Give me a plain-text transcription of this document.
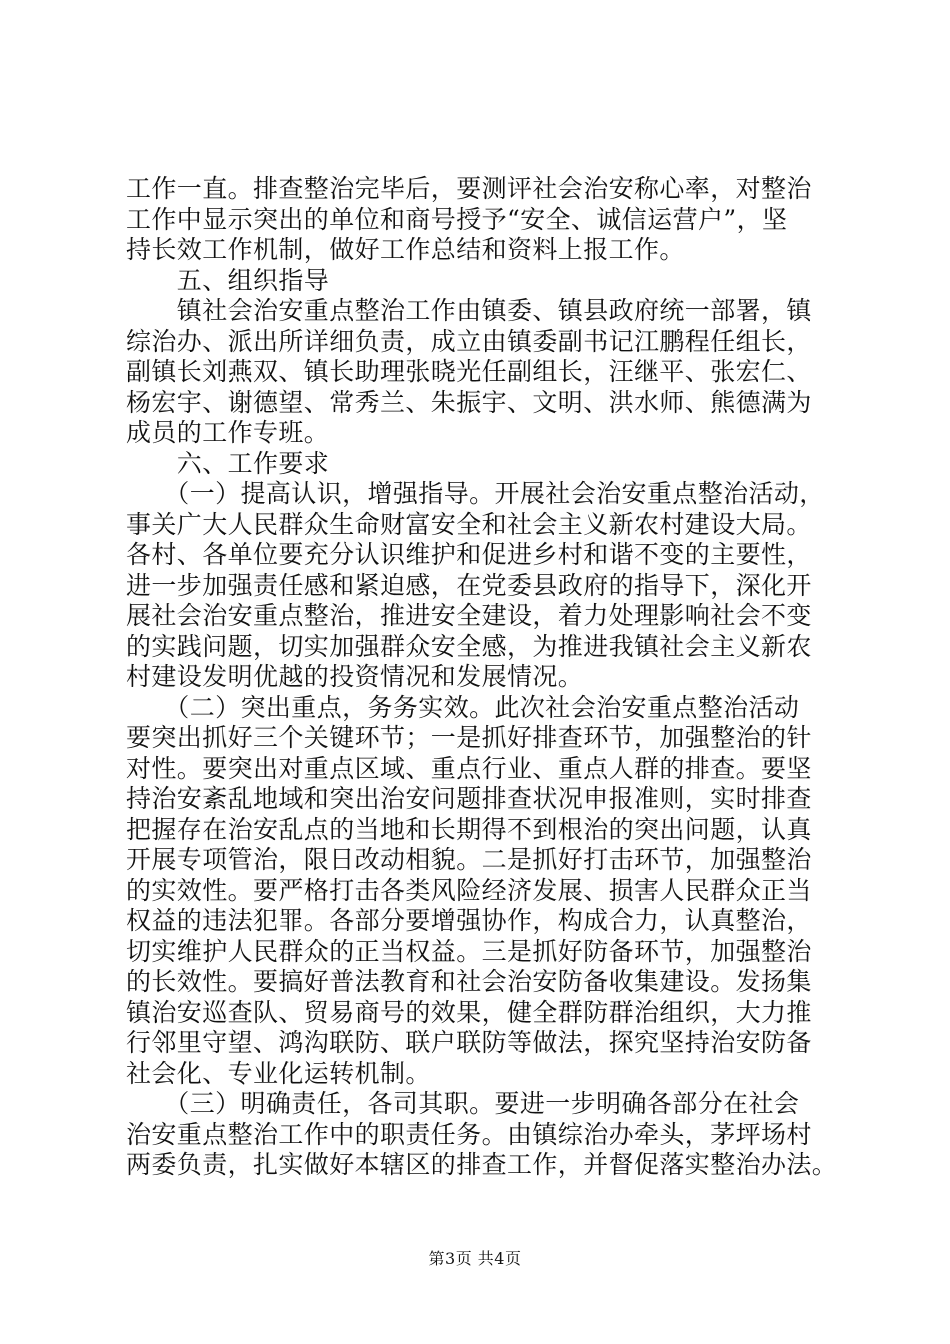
工作一直。排查整治完毕后，要测评社会治安称心率，对整治
工作中显示突出的单位和商号授予“安全、诚信运营户”，坚
持长效工作机制，做好工作总结和资料上报工作。
　　五、组织指导
　　镇社会治安重点整治工作由镇委、镇县政府统一部署，镇
综治办、派出所详细负责，成立由镇委副书记江鹏程任组长，
副镇长刘燕双、镇长助理张晓光任副组长，汪继平、张宏仁、
杨宏宇、谢德望、常秀兰、朱振宇、文明、洪水师、熊德满为
成员的工作专班。
　　六、工作要求
　　（一）提高认识，增强指导。开展社会治安重点整治活动，
事关广大人民群众生命财富安全和社会主义新农村建设大局。
各村、各单位要充分认识维护和促进乡村和谐不变的主要性，
进一步加强责任感和紧迫感，在党委县政府的指导下，深化开
展社会治安重点整治，推进安全建设，着力处理影响社会不变
的实践问题，切实加强群众安全感，为推进我镇社会主义新农
村建设发明优越的投资情况和发展情况。
　　（二）突出重点，务务实效。此次社会治安重点整治活动
要突出抓好三个关键环节；一是抓好排查环节，加强整治的针
对性。要突出对重点区域、重点行业、重点人群的排查。要坚
持治安紊乱地域和突出治安问题排查状况申报准则，实时排查
把握存在治安乱点的当地和长期得不到根治的突出问题，认真
开展专项管治，限日改动相貌。二是抓好打击环节，加强整治
的实效性。要严格打击各类风险经济发展、损害人民群众正当
权益的违法犯罪。各部分要增强协作，构成合力，认真整治，
切实维护人民群众的正当权益。三是抓好防备环节，加强整治
的长效性。要搞好普法教育和社会治安防备收集建设。发扬集
镇治安巡查队、贸易商号的效果，健全群防群治组织，大力推
行邻里守望、鸿沟联防、联户联防等做法，探究坚持治安防备
社会化、专业化运转机制。
　　（三）明确责任，各司其职。要进一步明确各部分在社会
治安重点整治工作中的职责任务。由镇综治办牵头，茅坪场村
两委负责，扎实做好本辖区的排查工作，并督促落实整治办法。
第3页 共4页
